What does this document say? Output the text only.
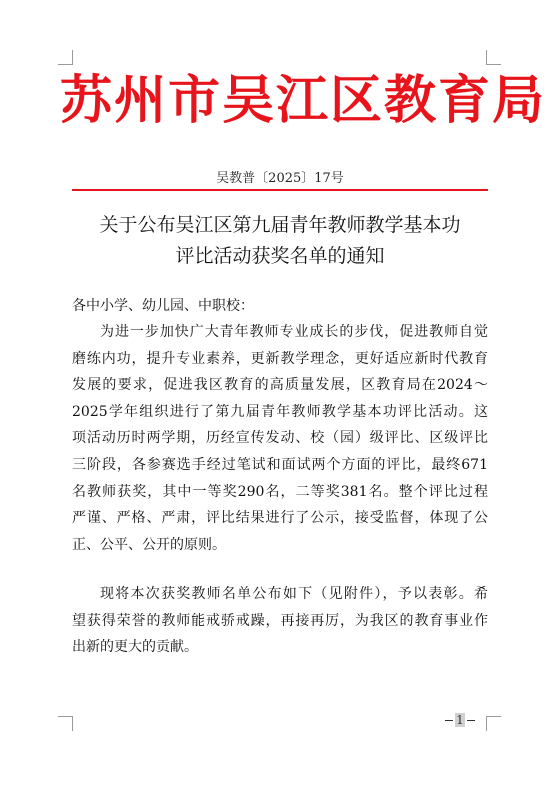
苏州市吴江区教育局
吴教普〔2025〕17号
关于公布吴江区第九届青年教师教学基本功
评比活动获奖名单的通知
各中小学、幼儿园、中职校：
为进一步加快广大青年教师专业成长的步伐，促进教师自觉
磨练内功，提升专业素养，更新教学理念，更好适应新时代教育
发展的要求，促进我区教育的高质量发展，区教育局在2024～
2025学年组织进行了第九届青年教师教学基本功评比活动。这
项活动历时两学期，历经宣传发动、校（园）级评比、区级评比
三阶段，各参赛选手经过笔试和面试两个方面的评比，最终671
名教师获奖，其中一等奖290名，二等奖381名。整个评比过程
严谨、严格、严肃，评比结果进行了公示，接受监督，体现了公
正、公平、公开的原则。
现将本次获奖教师名单公布如下（见附件），予以表彰。希
望获得荣誉的教师能戒骄戒躁，再接再厉，为我区的教育事业作
出新的更大的贡献。
1
